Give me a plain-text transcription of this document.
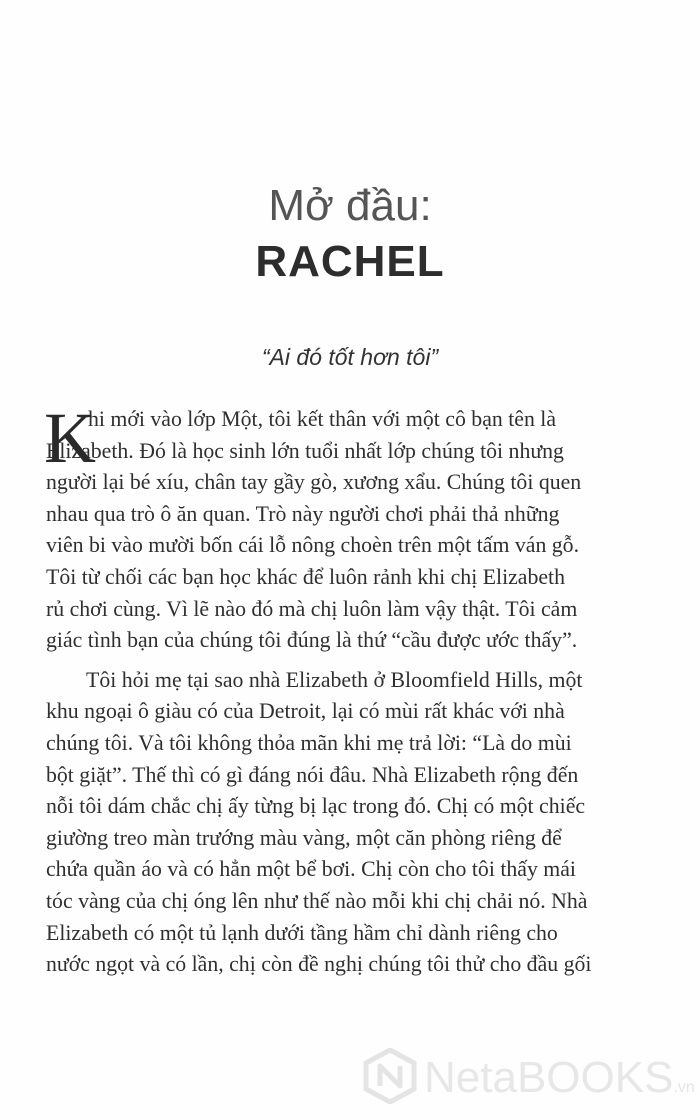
Mở đầu:
RACHEL
“Ai đó tốt hơn tôi”
K
hi mới vào lớp Một, tôi kết thân với một cô bạn tên là
Elizabeth. Đó là học sinh lớn tuổi nhất lớp chúng tôi nhưng
người lại bé xíu, chân tay gầy gò, xương xẩu. Chúng tôi quen
nhau qua trò ô ăn quan. Trò này người chơi phải thả những
viên bi vào mười bốn cái lỗ nông choèn trên một tấm ván gỗ.
Tôi từ chối các bạn học khác để luôn rảnh khi chị Elizabeth
rủ chơi cùng. Vì lẽ nào đó mà chị luôn làm vậy thật. Tôi cảm
giác tình bạn của chúng tôi đúng là thứ “cầu được ước thấy”.
Tôi hỏi mẹ tại sao nhà Elizabeth ở Bloomfield Hills, một
khu ngoại ô giàu có của Detroit, lại có mùi rất khác với nhà
chúng tôi. Và tôi không thỏa mãn khi mẹ trả lời: “Là do mùi
bột giặt”. Thế thì có gì đáng nói đâu. Nhà Elizabeth rộng đến
nỗi tôi dám chắc chị ấy từng bị lạc trong đó. Chị có một chiếc
giường treo màn trướng màu vàng, một căn phòng riêng để
chứa quần áo và có hẳn một bể bơi. Chị còn cho tôi thấy mái
tóc vàng của chị óng lên như thế nào mỗi khi chị chải nó. Nhà
Elizabeth có một tủ lạnh dưới tầng hầm chỉ dành riêng cho
nước ngọt và có lần, chị còn đề nghị chúng tôi thử cho đầu gối
NetaBOOKS.vn
